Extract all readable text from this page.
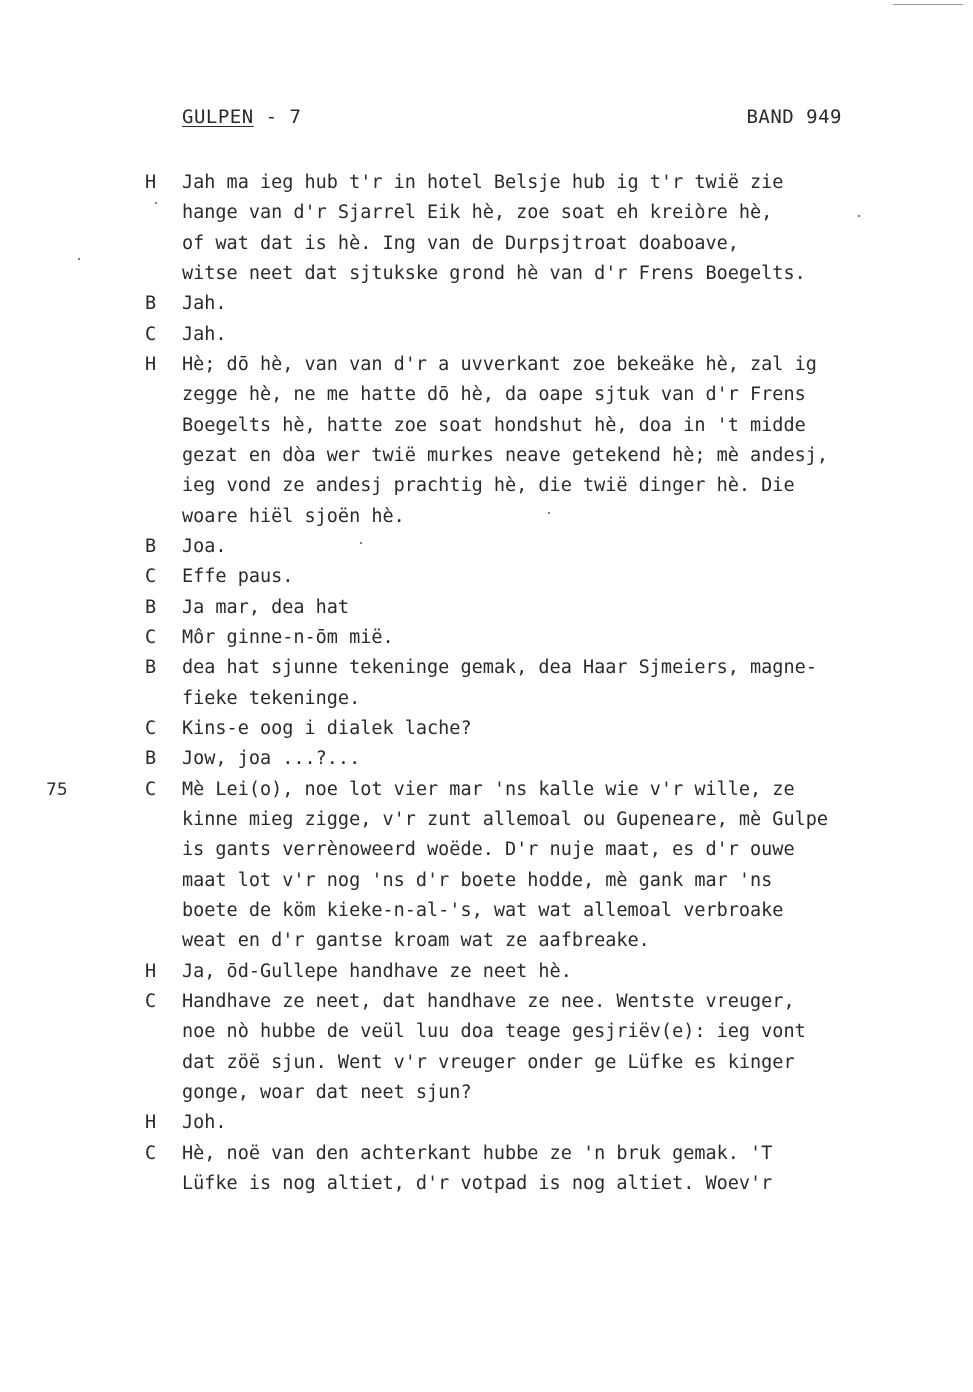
GULPEN - 7	BAND 949
H Jah ma ieg hub t'r in hotel Belsje hub ig t'r twië zie
hange van d'r Sjarrel Eik hè, zoe soat eh kreiòre hè,
of wat dat is hè. Ing van de Durpsjtroat doaboave,
witse neet dat sjtukske grond hè van d'r Frens Boegelts.
B Jah.
C Jah.
H Hè; dō hè, van van d'r a uvverkant zoe bekeäke hè, zal ig
zegge hè, ne me hatte dō hè, da oape sjtuk van d'r Frens
Boegelts hè, hatte zoe soat hondshut hè, doa in 't midde
gezat en dòa wer twië murkes neave getekend hè; mè andesj,
ieg vond ze andesj prachtig hè, die twië dinger hè. Die
woare hiël sjoën hè.
B Joa.
C Effe paus.
B Ja mar, dea hat
C Môr ginne-n-ōm mië.
B dea hat sjunne tekeninge gemak, dea Haar Sjmeiers, magne-
fieke tekeninge.
C Kins-e oog i dialek lache?
B Jow, joa ...?...
75	C Mè Lei(o), noe lot vier mar 'ns kalle wie v'r wille, ze
kinne mieg zigge, v'r zunt allemoal ou Gupeneare, mè Gulpe
is gants verrènoweerd woëde. D'r nuje maat, es d'r ouwe
maat lot v'r nog 'ns d'r boete hodde, mè gank mar 'ns
boete de köm kieke-n-al-'s, wat wat allemoal verbroake
weat en d'r gantse kroam wat ze aafbreake.
H Ja, ōd-Gullepe handhave ze neet hè.
C Handhave ze neet, dat handhave ze nee. Wentste vreuger,
noe nò hubbe de veül luu doa teage gesjriëv(e): ieg vont
dat zöë sjun. Went v'r vreuger onder ge Lüfke es kinger
gonge, woar dat neet sjun?
H Joh.
C Hè, noë van den achterkant hubbe ze 'n bruk gemak. 'T
Lüfke is nog altiet, d'r votpad is nog altiet. Woev'r
